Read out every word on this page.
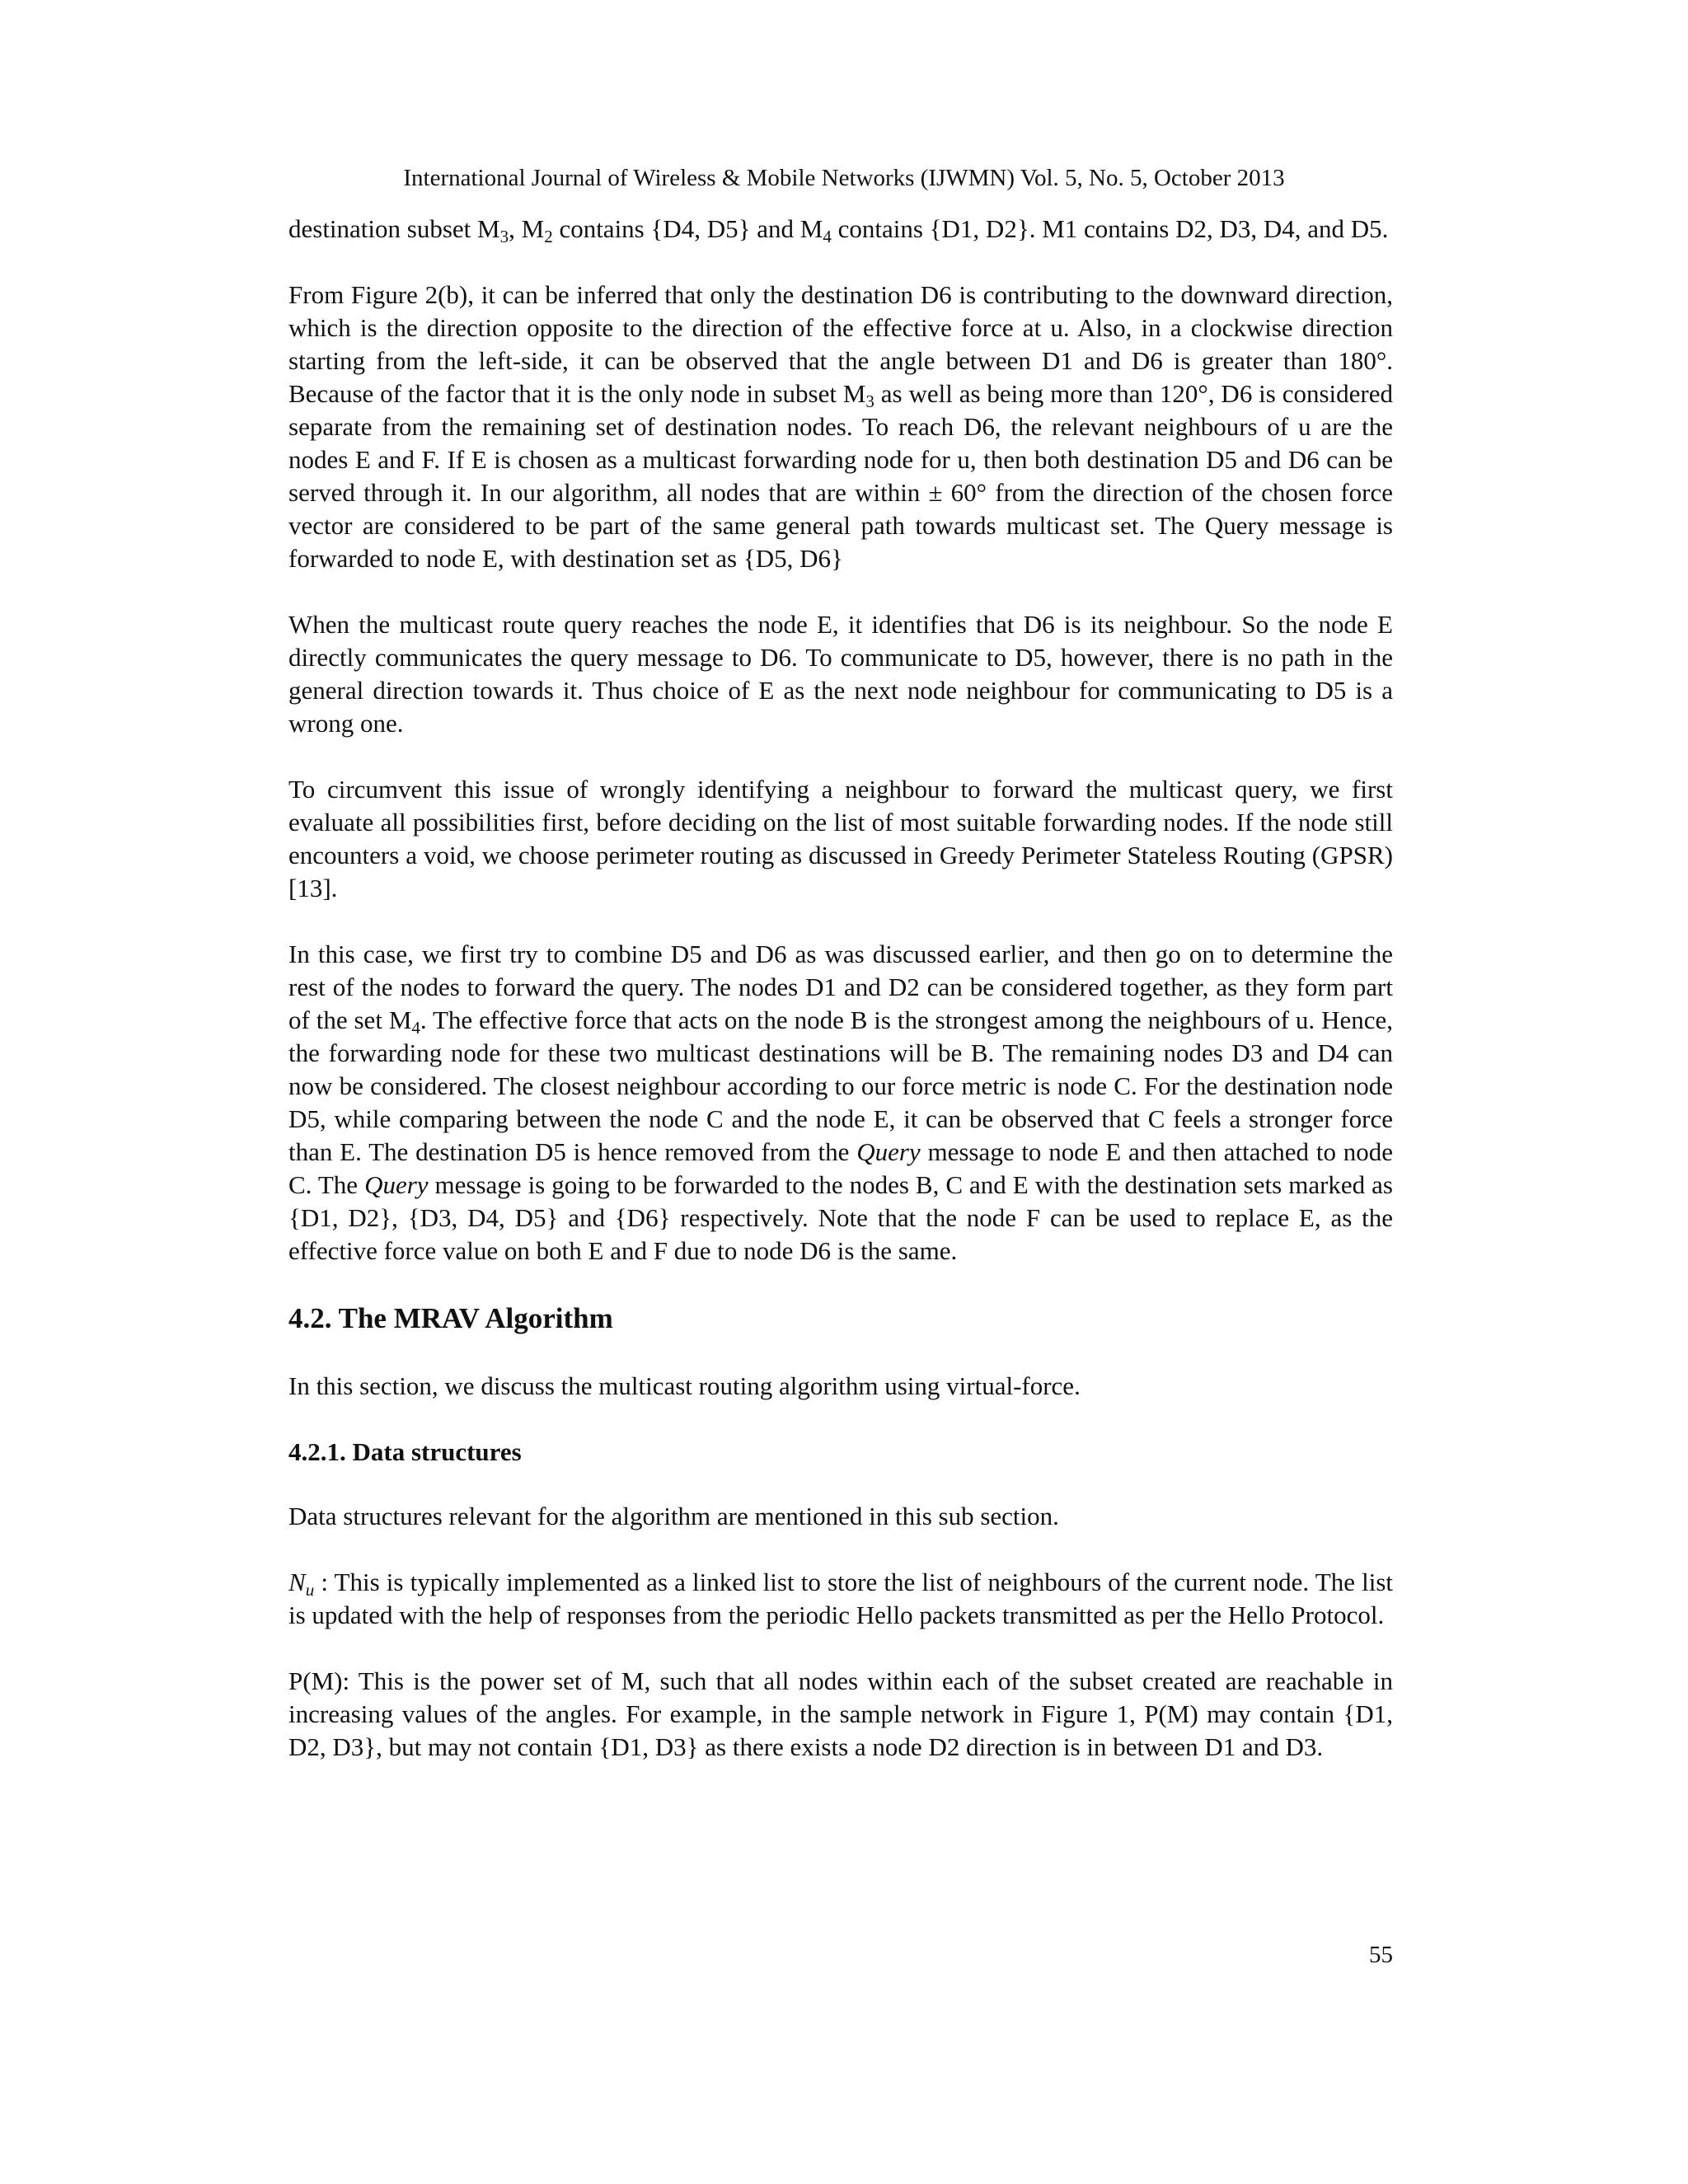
International Journal of Wireless & Mobile Networks (IJWMN) Vol. 5, No. 5, October 2013

destination subset $M_3$, $M_2$ contains {D4, D5} and $M_4$ contains {D1, D2}. M1 contains D2, D3, D4, and D5.

From Figure 2(b), it can be inferred that only the destination D6 is contributing to the downward direction, which is the direction opposite to the direction of the effective force at u. Also, in a clockwise direction starting from the left-side, it can be observed that the angle between D1 and D6 is greater than 180°. Because of the factor that it is the only node in subset $M_3$ as well as being more than 120°, D6 is considered separate from the remaining set of destination nodes. To reach D6, the relevant neighbours of u are the nodes E and F. If E is chosen as a multicast forwarding node for u, then both destination D5 and D6 can be served through it. In our algorithm, all nodes that are within ± 60° from the direction of the chosen force vector are considered to be part of the same general path towards multicast set. The Query message is forwarded to node E, with destination set as {D5, D6}

When the multicast route query reaches the node E, it identifies that D6 is its neighbour. So the node E directly communicates the query message to D6. To communicate to D5, however, there is no path in the general direction towards it. Thus choice of E as the next node neighbour for communicating to D5 is a wrong one.

To circumvent this issue of wrongly identifying a neighbour to forward the multicast query, we first evaluate all possibilities first, before deciding on the list of most suitable forwarding nodes. If the node still encounters a void, we choose perimeter routing as discussed in Greedy Perimeter Stateless Routing (GPSR)[13].

In this case, we first try to combine D5 and D6 as was discussed earlier, and then go on to determine the rest of the nodes to forward the query. The nodes D1 and D2 can be considered together, as they form part of the set $M_4$. The effective force that acts on the node B is the strongest among the neighbours of u. Hence, the forwarding node for these two multicast destinations will be B. The remaining nodes D3 and D4 can now be considered. The closest neighbour according to our force metric is node C. For the destination node D5, while comparing between the node C and the node E, it can be observed that C feels a stronger force than E. The destination D5 is hence removed from the Query message to node E and then attached to node C. The Query message is going to be forwarded to the nodes B, C and E with the destination sets marked as {D1, D2}, {D3, D4, D5} and {D6} respectively. Note that the node F can be used to replace E, as the effective force value on both E and F due to node D6 is the same.

4.2. The MRAV Algorithm

In this section, we discuss the multicast routing algorithm using virtual-force.

4.2.1. Data structures

Data structures relevant for the algorithm are mentioned in this sub section.

$N_u$ : This is typically implemented as a linked list to store the list of neighbours of the current node. The list is updated with the help of responses from the periodic Hello packets transmitted as per the Hello Protocol.

P(M): This is the power set of M, such that all nodes within each of the subset created are reachable in increasing values of the angles. For example, in the sample network in Figure 1, P(M) may contain {D1, D2, D3}, but may not contain {D1, D3} as there exists a node D2 direction is in between D1 and D3.

55
